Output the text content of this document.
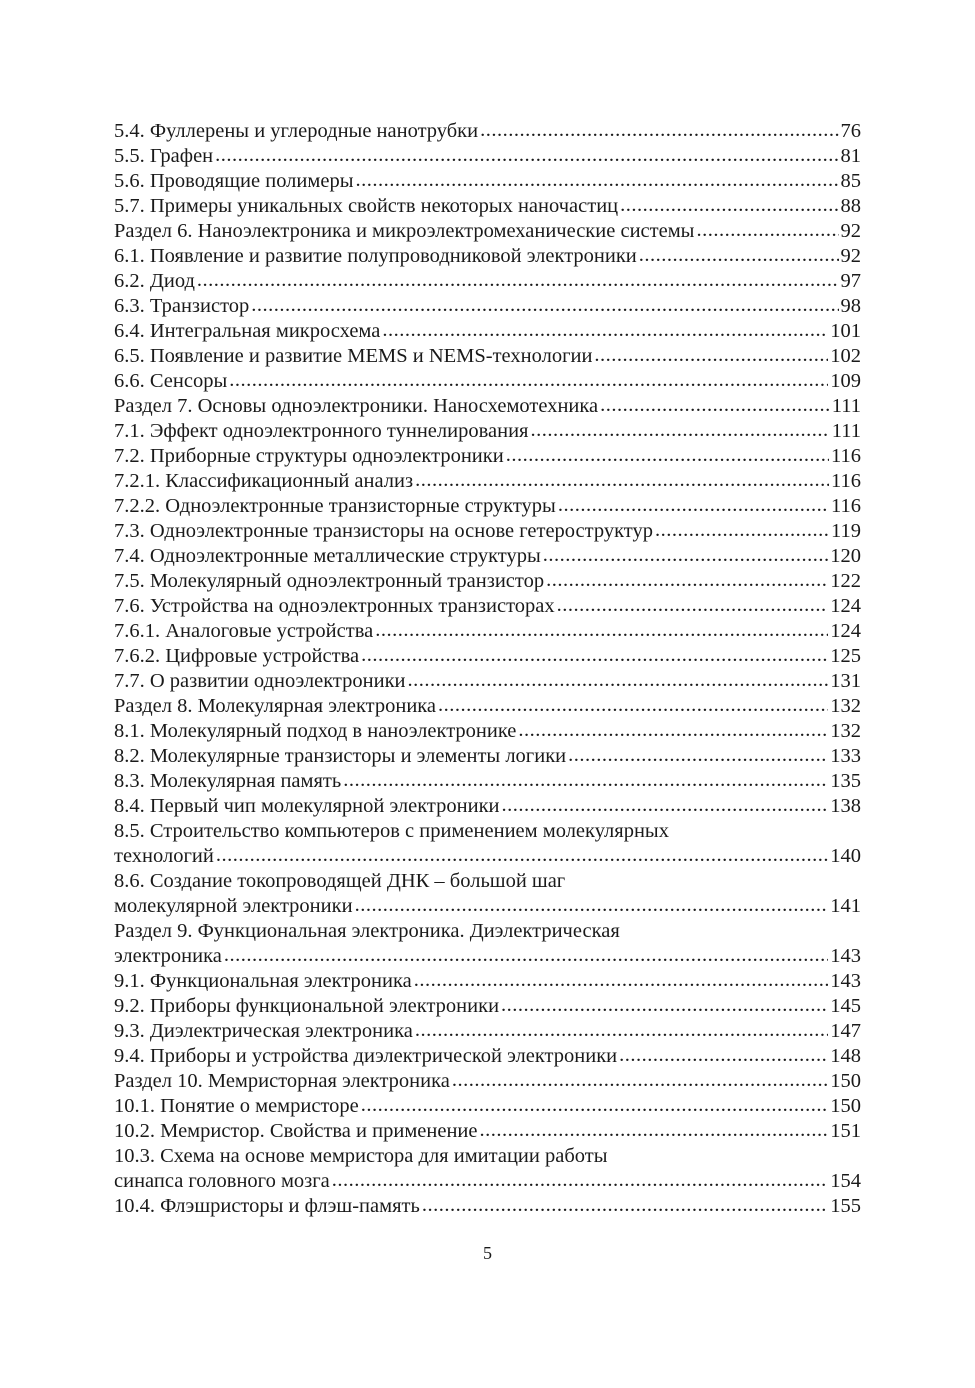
5.4. Фуллерены и углеродные нанотрубки .....	76
5.5. Графен .....	81
5.6. Проводящие полимеры .....	85
5.7. Примеры уникальных свойств некоторых наночастиц .....	88
Раздел 6. Наноэлектроника и микроэлектромеханические системы .....	92
6.1. Появление и развитие полупроводниковой электроники .....	92
6.2. Диод .....	97
6.3. Транзистор .....	98
6.4. Интегральная микросхема .....	101
6.5. Появление и развитие MEMS и NEMS-технологии .....	102
6.6. Сенсоры .....	109
Раздел 7. Основы одноэлектроники. Наносхемотехника .....	111
7.1. Эффект одноэлектронного туннелирования .....	111
7.2. Приборные структуры одноэлектроники .....	116
7.2.1. Классификационный анализ .....	116
7.2.2. Одноэлектронные транзисторные структуры .....	116
7.3. Одноэлектронные транзисторы на основе гетероструктур .....	119
7.4. Одноэлектронные металлические структуры .....	120
7.5. Молекулярный одноэлектронный транзистор .....	122
7.6. Устройства на одноэлектронных транзисторах .....	124
7.6.1. Аналоговые устройства .....	124
7.6.2. Цифровые устройства .....	125
7.7. О развитии одноэлектроники .....	131
Раздел 8. Молекулярная электроника .....	132
8.1. Молекулярный подход в наноэлектронике .....	132
8.2. Молекулярные транзисторы и элементы логики .....	133
8.3. Молекулярная память .....	135
8.4. Первый чип молекулярной электроники .....	138
8.5. Строительство компьютеров с применением молекулярных
технологий .....	140
8.6. Создание токопроводящей ДНК – большой шаг
молекулярной электроники .....	141
Раздел 9. Функциональная электроника. Диэлектрическая
электроника .....	143
9.1. Функциональная электроника .....	143
9.2. Приборы функциональной электроники .....	145
9.3. Диэлектрическая электроника .....	147
9.4. Приборы и устройства диэлектрической электроники .....	148
Раздел 10. Мемристорная электроника .....	150
10.1. Понятие о мемристоре .....	150
10.2. Мемристор. Свойства и применение .....	151
10.3. Схема на основе мемристора для имитации работы
синапса головного мозга .....	154
10.4. Флэшристоры и флэш-память .....	155
5
